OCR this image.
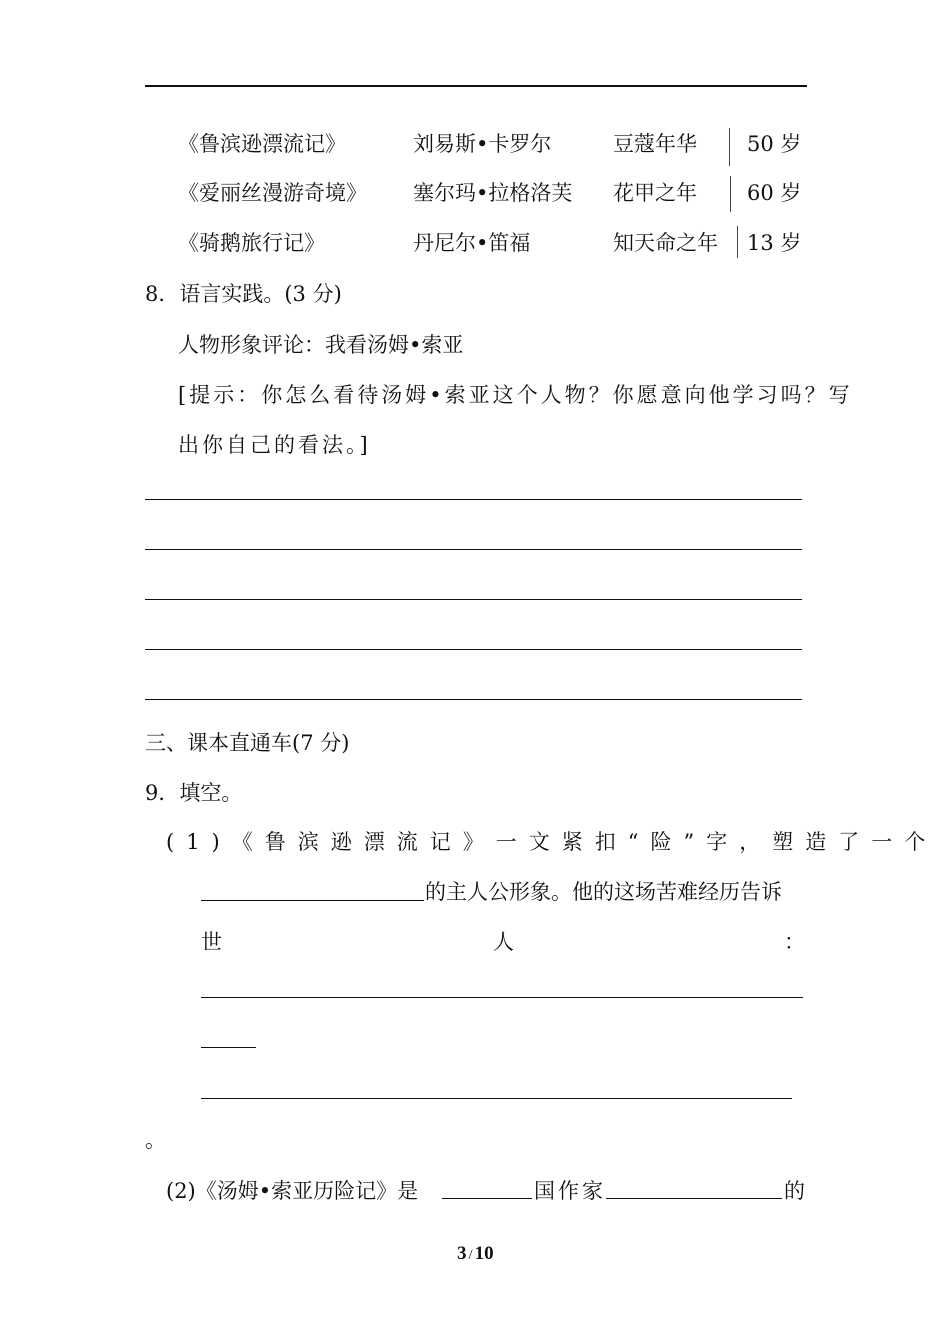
《鲁滨逊漂流记》	刘易斯•卡罗尔	豆蔻年华 50 岁
《爱丽丝漫游奇境》 塞尔玛•拉格洛芙 花甲之年 60 岁
《骑鹅旅行记》	丹尼尔•笛福	知天命之年 13 岁
8．语言实践。(3 分)
人物形象评论：我看汤姆•索亚
[提示：你怎么看待汤姆•索亚这个人物？你愿意向他学习吗？写
出你自己的看法。]
三、课本直通车(7 分)
9．填空。
(1)《鲁滨逊漂流记》一文紧扣“险”字，塑造了一个
的主人公形象。他的这场苦难经历告诉
世	人	：
。
(2)《汤姆•索亚历险记》是	国作家	的
3 / 10
